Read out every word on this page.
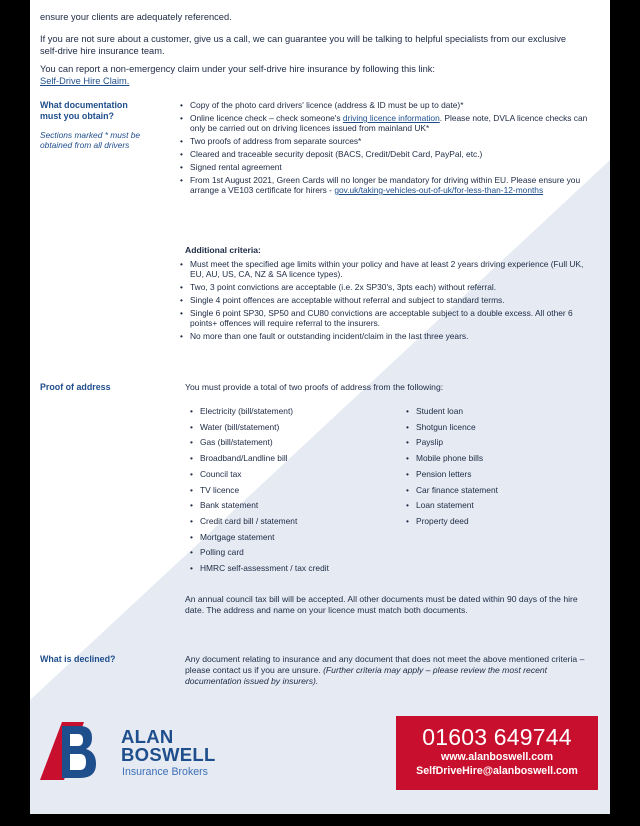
ensure your clients are adequately referenced.
If you are not sure about a customer, give us a call, we can guarantee you will be talking to helpful specialists from our exclusive self-drive hire insurance team.
You can report a non-emergency claim under your self-drive hire insurance by following this link:
Self-Drive Hire Claim.
What documentation must you obtain?
Sections marked * must be obtained from all drivers
• Copy of the photo card drivers' licence (address & ID must be up to date)*
• Online licence check – check someone's driving licence information. Please note, DVLA licence checks can only be carried out on driving licences issued from mainland UK*
• Two proofs of address from separate sources*
• Cleared and traceable security deposit (BACS, Credit/Debit Card, PayPal, etc.)
• Signed rental agreement
• From 1st August 2021, Green Cards will no longer be mandatory for driving within EU. Please ensure you arrange a VE103 certificate for hirers - gov.uk/taking-vehicles-out-of-uk/for-less-than-12-months
Additional criteria:
• Must meet the specified age limits within your policy and have at least 2 years driving experience (Full UK, EU, AU, US, CA, NZ & SA licence types).
• Two, 3 point convictions are acceptable (i.e. 2x SP30's, 3pts each) without referral.
• Single 4 point offences are acceptable without referral and subject to standard terms.
• Single 6 point SP30, SP50 and CU80 convictions are acceptable subject to a double excess. All other 6 points+ offences will require referral to the insurers.
• No more than one fault or outstanding incident/claim in the last three years.
Proof of address	You must provide a total of two proofs of address from the following:
• Electricity (bill/statement)
• Water (bill/statement)
• Gas (bill/statement)
• Broadband/Landline bill
• Council tax
• TV licence
• Bank statement
• Credit card bill / statement
• Mortgage statement
• Polling card
• HMRC self-assessment / tax credit
• Student loan
• Shotgun licence
• Payslip
• Mobile phone bills
• Pension letters
• Car finance statement
• Loan statement
• Property deed
An annual council tax bill will be accepted. All other documents must be dated within 90 days of the hire date. The address and name on your licence must match both documents.
What is declined?	Any document relating to insurance and any document that does not meet the above mentioned criteria – please contact us if you are unsure. (Further criteria may apply – please review the most recent documentation issued by insurers).
ALAN
BOSWELL
Insurance Brokers
01603 649744
www.alanboswell.com
SelfDriveHire@alanboswell.com
